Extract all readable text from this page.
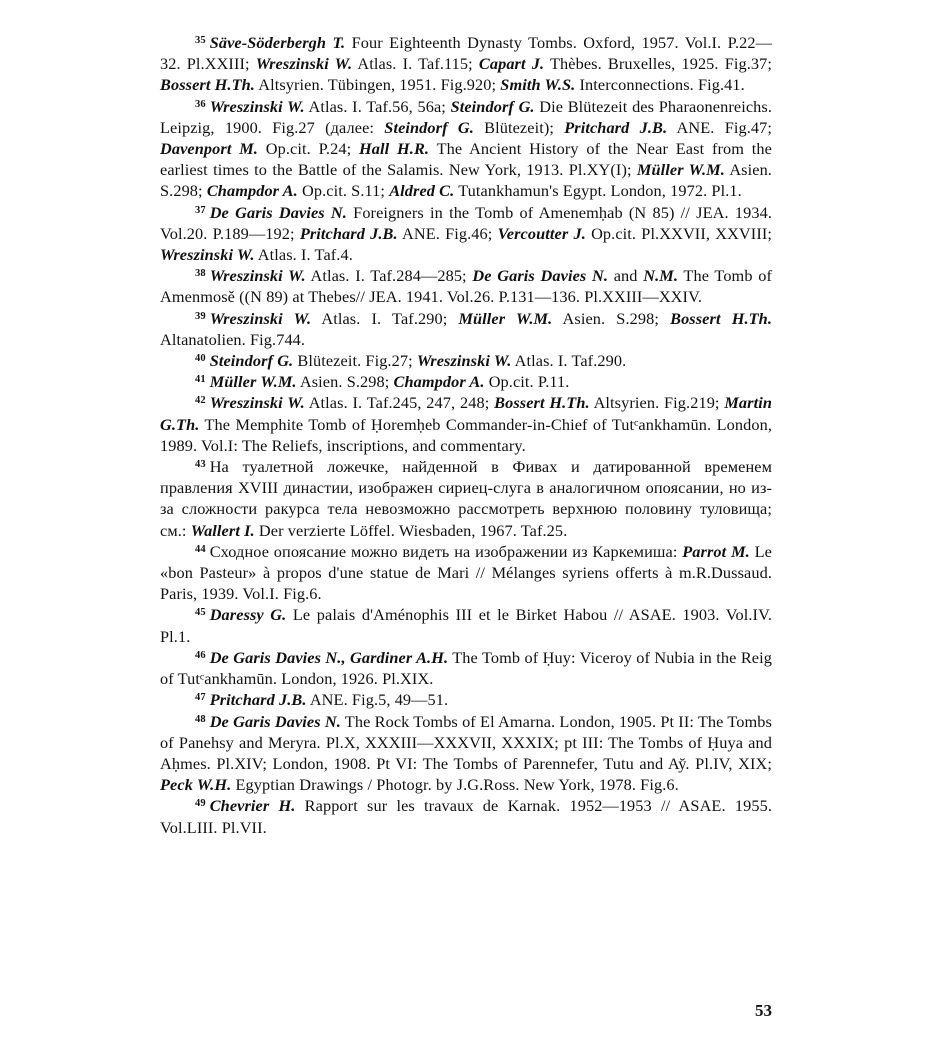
$^{35}$ Säve-Söderbergh T. Four Eighteenth Dynasty Tombs. Oxford, 1957. Vol.I. P.22—32. Pl.XXIII; Wreszinski W. Atlas. I. Taf.115; Capart J. Thèbes. Bruxelles, 1925. Fig.37; Bossert H.Th. Altsyrien. Tübingen, 1951. Fig.920; Smith W.S. Interconnections. Fig.41.

$^{36}$ Wreszinski W. Atlas. I. Taf.56, 56a; Steindorf G. Die Blütezeit des Pharaonenreichs. Leipzig, 1900. Fig.27 (далее: Steindorf G. Blütezeit); Pritchard J.B. ANE. Fig.47; Davenport M. Op.cit. P.24; Hall H.R. The Ancient History of the Near East from the earliest times to the Battle of the Salamis. New York, 1913. Pl.XY(I); Müller W.M. Asien. S.298; Champdor A. Op.cit. S.11; Aldred C. Tutankhamun's Egypt. London, 1972. Pl.1.

$^{37}$ De Garis Davies N. Foreigners in the Tomb of Amenemḥab (N 85) // JEA. 1934. Vol.20. P.189—192; Pritchard J.B. ANE. Fig.46; Vercoutter J. Op.cit. Pl.XXVII, XXVIII; Wreszinski W. Atlas. I. Taf.4.

$^{38}$ Wreszinski W. Atlas. I. Taf.284—285; De Garis Davies N. and N.M. The Tomb of Amenmosě ((N 89) at Thebes// JEA. 1941. Vol.26. P.131—136. Pl.XXIII—XXIV.

$^{39}$ Wreszinski W. Atlas. I. Taf.290; Müller W.M. Asien. S.298; Bossert H.Th. Altanatolien. Fig.744.

$^{40}$ Steindorf G. Blütezeit. Fig.27; Wreszinski W. Atlas. I. Taf.290.

$^{41}$ Müller W.M. Asien. S.298; Champdor A. Op.cit. P.11.

$^{42}$ Wreszinski W. Atlas. I. Taf.245, 247, 248; Bossert H.Th. Altsyrien. Fig.219; Martin G.Th. The Memphite Tomb of Ḥoremḥeb Commander-in-Chief of Tutᶜankhamūn. London, 1989. Vol.I: The Reliefs, inscriptions, and commentary.

$^{43}$ На туалетной ложечке, найденной в Фивах и датированной временем правления XVIII династии, изображен сириец-слуга в аналогичном опоясании, но из-за сложности ракурса тела невозможно рассмотреть верхнюю половину туловища; см.: Wallert I. Der verzierte Löffel. Wiesbaden, 1967. Taf.25.

$^{44}$ Сходное опоясание можно видеть на изображении из Каркемиша: Parrot M. Le «bon Pasteur» à propos d'une statue de Mari // Mélanges syriens offerts à m.R.Dussaud. Paris, 1939. Vol.I. Fig.6.

$^{45}$ Daressy G. Le palais d'Aménophis III et le Birket Habou // ASAE. 1903. Vol.IV. Pl.1.

$^{46}$ De Garis Davies N., Gardiner A.H. The Tomb of Ḥuy: Viceroy of Nubia in the Reig of Tutᶜankhamūn. London, 1926. Pl.XIX.

$^{47}$ Pritchard J.B. ANE. Fig.5, 49—51.

$^{48}$ De Garis Davies N. The Rock Tombs of El Amarna. London, 1905. Pt II: The Tombs of Panehsy and Meryra. Pl.X, XXXIII—XXXVII, XXXIX; pt III: The Tombs of Ḥuya and Aḥmes. Pl.XIV; London, 1908. Pt VI: The Tombs of Parennefer, Tutu and Ay̆. Pl.IV, XIX; Peck W.H. Egyptian Drawings / Photogr. by J.G.Ross. New York, 1978. Fig.6.

$^{49}$ Chevrier H. Rapport sur les travaux de Karnak. 1952—1953 // ASAE. 1955. Vol.LIII. Pl.VII.

53
